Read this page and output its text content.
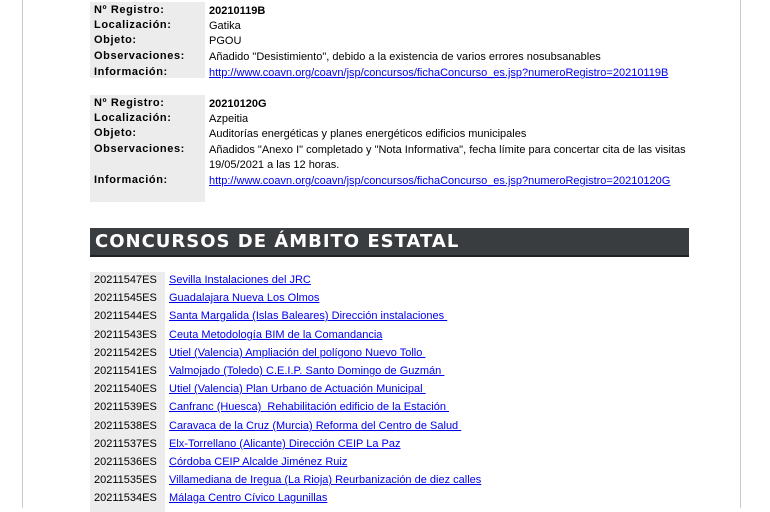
Nº Registro:	20210119B
Localización:	Gatika
Objeto:	PGOU
Observaciones: Añadido "Desistimiento", debido a la existencia de varios errores nosubsanables
Información:	http://www.coavn.org/coavn/jsp/concursos/fichaConcurso_es.jsp?numeroRegistro=20210119B
Nº Registro:	20210120G
Localización:	Azpeitia
Objeto:	Auditorías energéticas y planes energéticos edificios municipales
Observaciones: Añadidos "Anexo I" completado y "Nota Informativa", fecha límite para concertar cita de las visitas 19/05/2021 a las 12 horas.
Información:	http://www.coavn.org/coavn/jsp/concursos/fichaConcurso_es.jsp?numeroRegistro=20210120G
CONCURSOS DE ÁMBITO ESTATAL
20211547ES Sevilla Instalaciones del JRC
20211545ES Guadalajara Nueva Los Olmos
20211544ES Santa Margalida (Islas Baleares) Dirección instalaciones
20211543ES Ceuta Metodología BIM de la Comandancia
20211542ES Utiel (Valencia) Ampliación del polígono Nuevo Tollo
20211541ES Valmojado (Toledo) C.E.I.P. Santo Domingo de Guzmán
20211540ES Utiel (Valencia) Plan Urbano de Actuación Municipal
20211539ES Canfranc (Huesca)  Rehabilitación edificio de la Estación
20211538ES Caravaca de la Cruz (Murcia) Reforma del Centro de Salud
20211537ES Elx-Torrellano (Alicante) Dirección CEIP La Paz
20211536ES Córdoba CEIP Alcalde Jiménez Ruiz
20211535ES Villamediana de Iregua (La Rioja) Reurbanización de diez calles
20211534ES Málaga Centro Cívico Lagunillas
